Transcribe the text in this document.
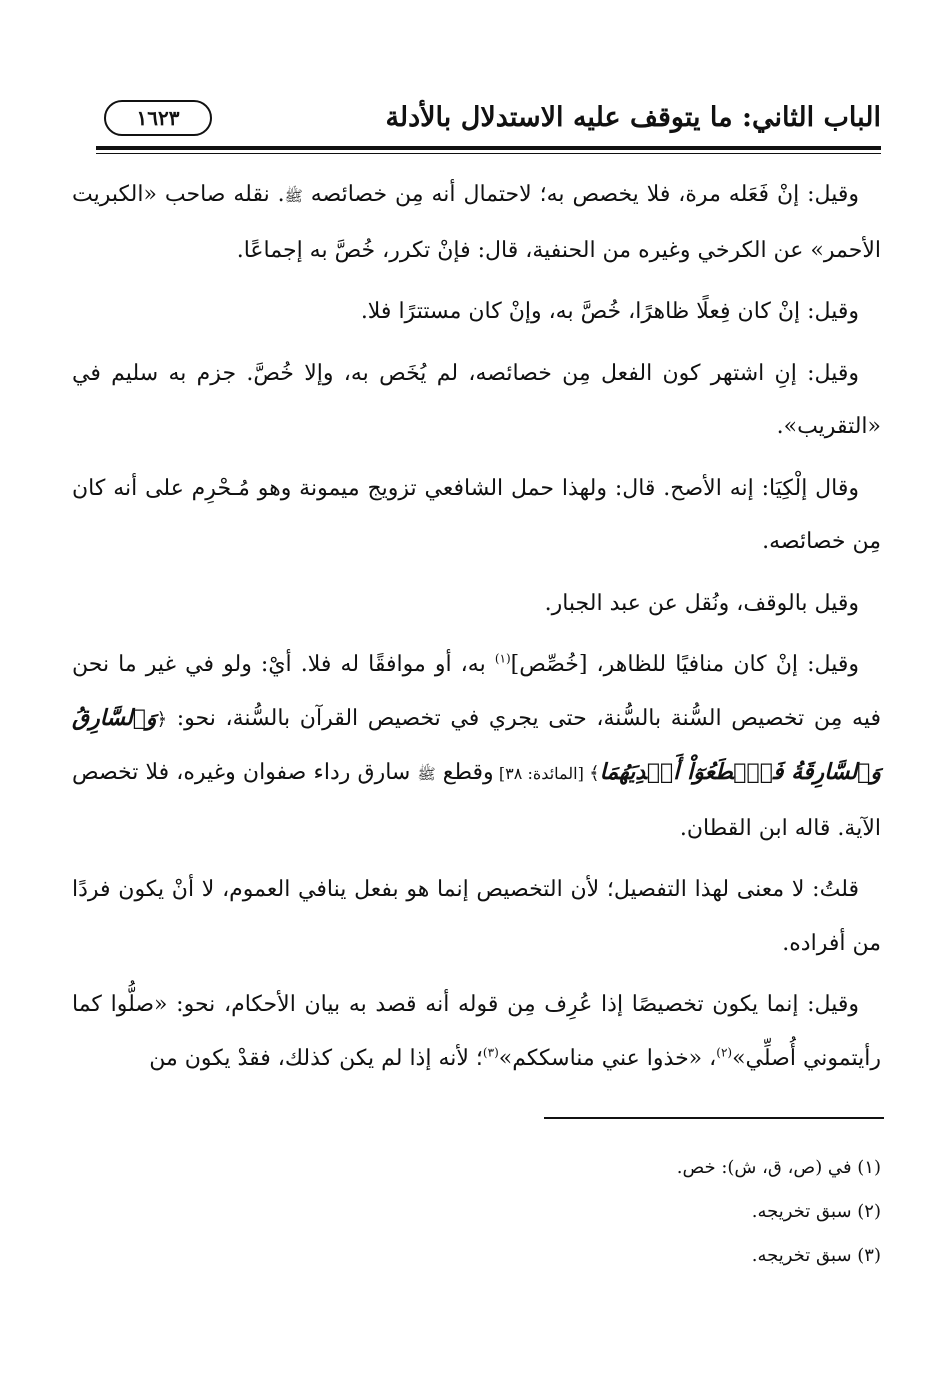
الباب الثاني: ما يتوقف عليه الاستدلال بالأدلة
١٦٢٣

وقيل: إنْ فَعَله مرة، فلا يخصص به؛ لاحتمال أنه مِن خصائصه ﷺ. نقله صاحب «الكبريت الأحمر» عن الكرخي وغيره من الحنفية، قال: فإنْ تكرر، خُصَّ به إجماعًا.

وقيل: إنْ كان فِعلًا ظاهرًا، خُصَّ به، وإنْ كان مستترًا فلا.

وقيل: إنِ اشتهر كون الفعل مِن خصائصه، لم يُخَص به، وإلا خُصَّ. جزم به سليم في «التقريب».

وقال إلْكِيَا: إنه الأصح. قال: ولهذا حمل الشافعي تزويج ميمونة وهو مُـحْرِم على أنه كان مِن خصائصه.

وقيل بالوقف، ونُقل عن عبد الجبار.

وقيل: إنْ كان منافيًا للظاهر، [خُصِّص]$^{(١)}$ به، أو موافقًا له فلا. أيْ: ولو في غير ما نحن فيه مِن تخصيص السُّنة بالسُّنة، حتى يجري في تخصيص القرآن بالسُّنة، نحو: ﴿وَٱلسَّارِقُ وَٱلسَّارِقَةُ فَٱقۡطَعُوٓاْ أَيۡدِيَهُمَا﴾ [المائدة: ٣٨] وقطع ﷺ سارق رداء صفوان وغيره، فلا تخصص الآية. قاله ابن القطان.

قلتُ: لا معنى لهذا التفصيل؛ لأن التخصيص إنما هو بفعل ينافي العموم، لا أنْ يكون فردًا من أفراده.

وقيل: إنما يكون تخصيصًا إذا عُرِف مِن قوله أنه قصد به بيان الأحكام، نحو: «صلُّوا كما رأيتموني أُصلِّي»$^{(٢)}$، «خذوا عني مناسككم»$^{(٣)}$؛ لأنه إذا لم يكن كذلك، فقدْ يكون من

(١) في (ص، ق، ش): خص.

(٢) سبق تخريجه.

(٣) سبق تخريجه.
